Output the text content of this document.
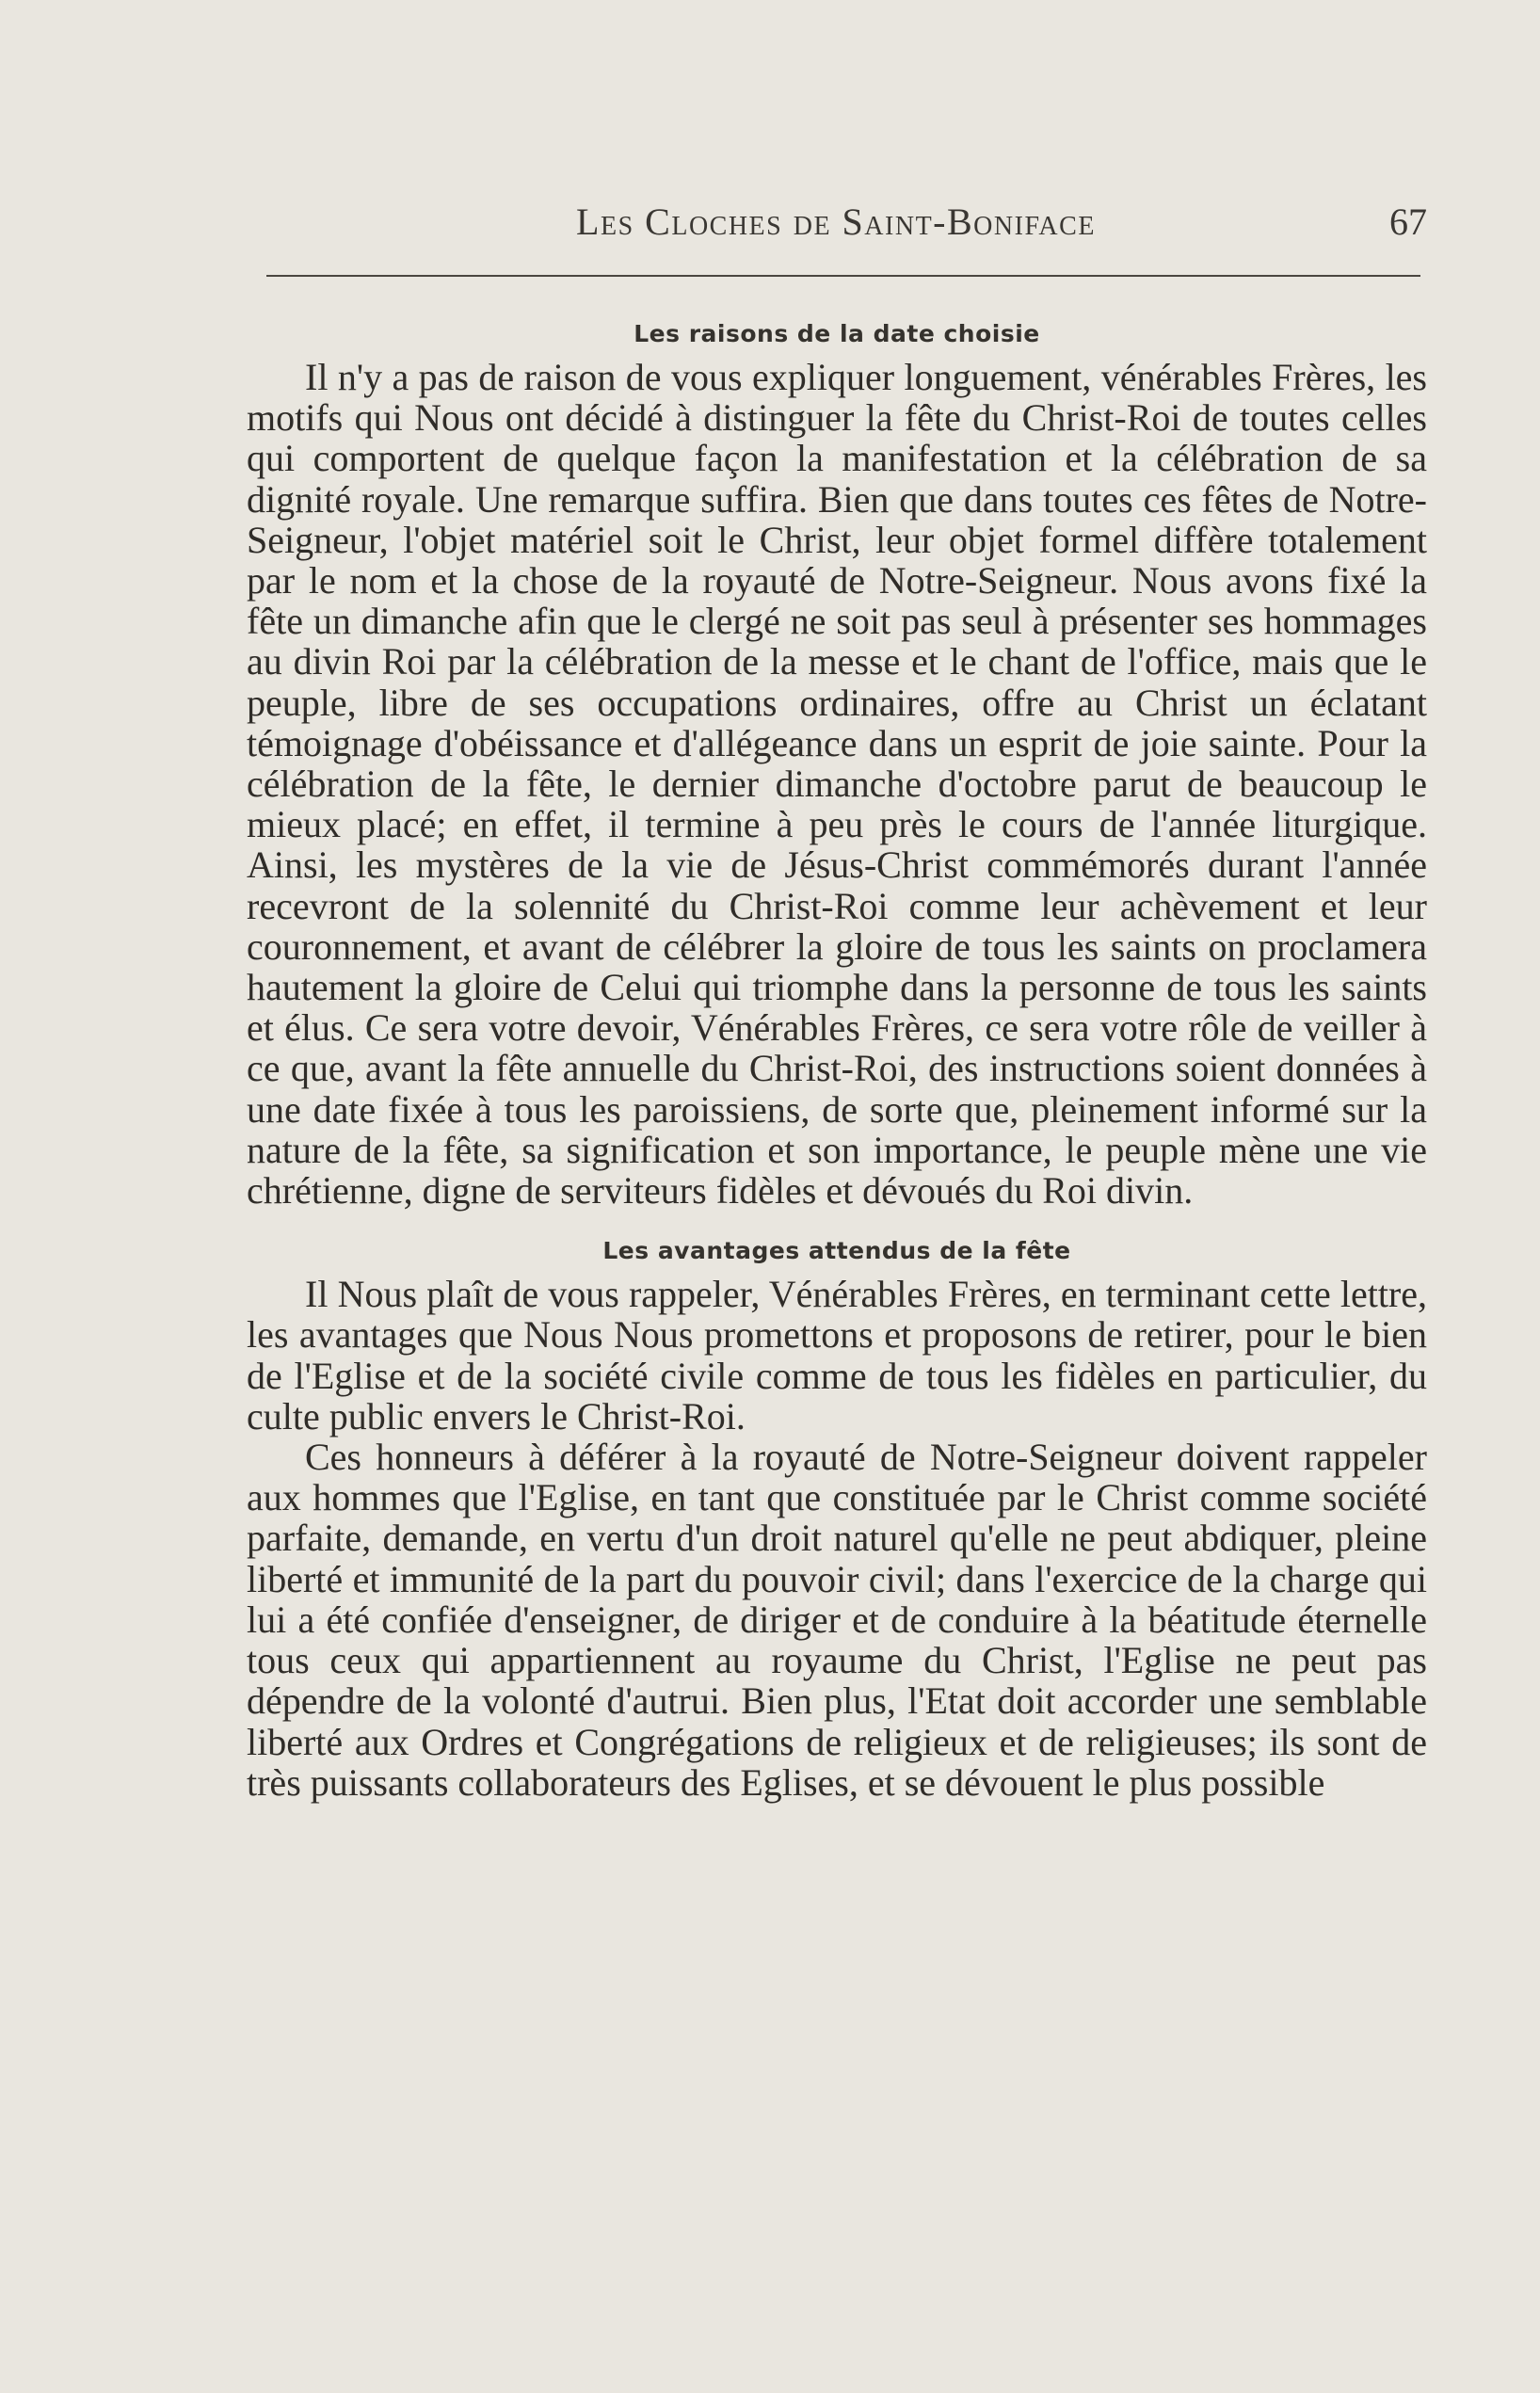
Les Cloches de Saint-Boniface	67
Les raisons de la date choisie

Il n'y a pas de raison de vous expliquer longuement, vénérables Frères, les motifs qui Nous ont décidé à distinguer la fête du Christ-Roi de toutes celles qui comportent de quelque façon la manifestation et la célébration de sa dignité royale. Une remarque suffira. Bien que dans toutes ces fêtes de Notre-Seigneur, l'objet matériel soit le Christ, leur objet formel diffère totalement par le nom et la chose de la royauté de Notre-Seigneur. Nous avons fixé la fête un dimanche afin que le clergé ne soit pas seul à présenter ses hommages au divin Roi par la célébration de la messe et le chant de l'office, mais que le peuple, libre de ses occupations ordinaires, offre au Christ un éclatant témoignage d'obéissance et d'allégeance dans un esprit de joie sainte. Pour la célébration de la fête, le dernier dimanche d'octobre parut de beaucoup le mieux placé; en effet, il termine à peu près le cours de l'année liturgique. Ainsi, les mystères de la vie de Jésus-Christ commémorés durant l'année recevront de la solennité du Christ-Roi comme leur achèvement et leur couronnement, et avant de célébrer la gloire de tous les saints on proclamera hautement la gloire de Celui qui triomphe dans la personne de tous les saints et élus. Ce sera votre devoir, Vénérables Frères, ce sera votre rôle de veiller à ce que, avant la fête annuelle du Christ-Roi, des instructions soient données à une date fixée à tous les paroissiens, de sorte que, pleinement informé sur la nature de la fête, sa signification et son importance, le peuple mène une vie chrétienne, digne de serviteurs fidèles et dévoués du Roi divin.

Les avantages attendus de la fête

Il Nous plaît de vous rappeler, Vénérables Frères, en terminant cette lettre, les avantages que Nous Nous promettons et proposons de retirer, pour le bien de l'Eglise et de la société civile comme de tous les fidèles en particulier, du culte public envers le Christ-Roi.

Ces honneurs à déférer à la royauté de Notre-Seigneur doivent rappeler aux hommes que l'Eglise, en tant que constituée par le Christ comme société parfaite, demande, en vertu d'un droit naturel qu'elle ne peut abdiquer, pleine liberté et immunité de la part du pouvoir civil; dans l'exercice de la charge qui lui a été confiée d'enseigner, de diriger et de conduire à la béatitude éternelle tous ceux qui appartiennent au royaume du Christ, l'Eglise ne peut pas dépendre de la volonté d'autrui. Bien plus, l'Etat doit accorder une semblable liberté aux Ordres et Congrégations de religieux et de religieuses; ils sont de très puissants collaborateurs des Eglises, et se dévouent le plus possible
